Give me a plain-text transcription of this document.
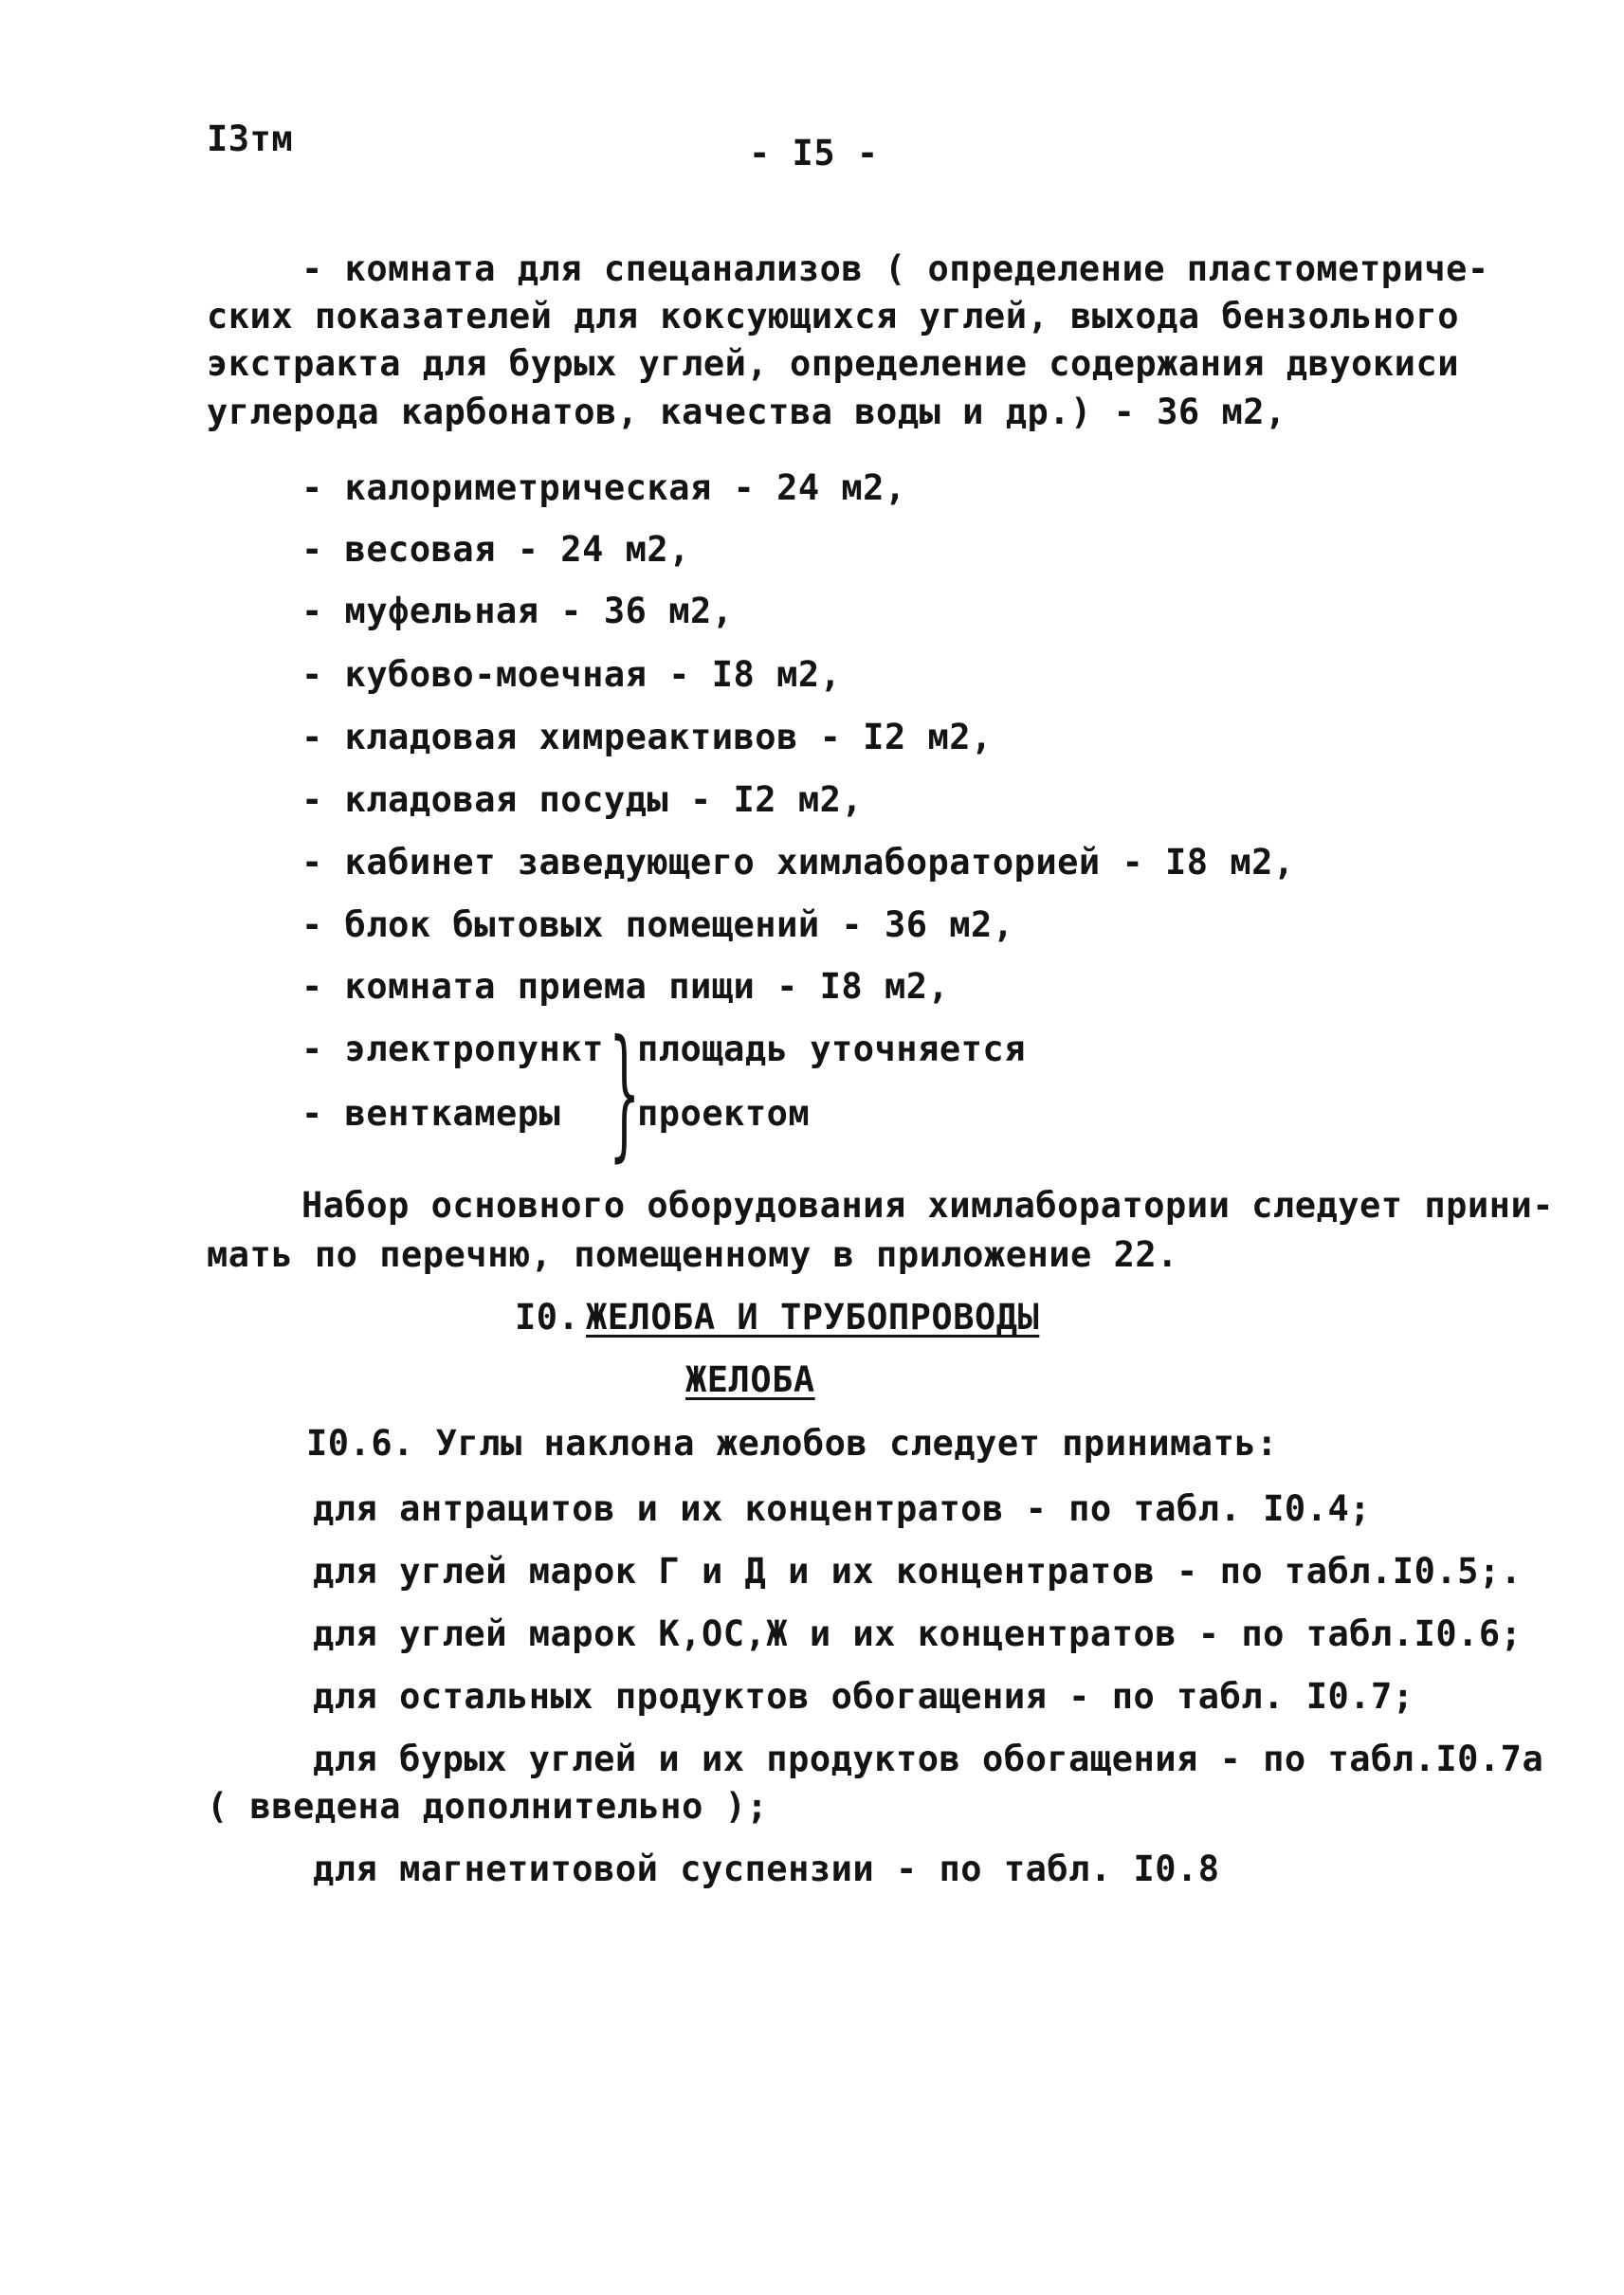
I3тм	- I5 -
- комната для спецанализов ( определение пластометриче-
ских показателей для коксующихся углей, выхода бензольного
экстракта для бурых углей, определение содержания двуокиси
углерода карбонатов, качества воды и др.) - 36 м2,
- калориметрическая - 24 м2,
- весовая - 24 м2,
- муфельная - 36 м2,
- кубово-моечная - I8 м2,
- кладовая химреактивов - I2 м2,
- кладовая посуды - I2 м2,
- кабинет заведующего химлабораторией - I8 м2,
- блок бытовых помещений - 36 м2,
- комната приема пищи - I8 м2,
- электропункт
- венткамеры }
площадь уточняется
проектом
Набор основного оборудования химлаборатории следует прини-
мать по перечню, помещенному в приложение 22.
I0. ЖЕЛОБА И ТРУБОПРОВОДЫ
ЖЕЛОБА
I0.6. Углы наклона желобов следует принимать:
для антрацитов и их концентратов - по табл. I0.4;
для углей марок Г и Д и их концентратов - по табл.I0.5;.
для углей марок К,ОС,Ж и их концентратов - по табл.I0.6;
для остальных продуктов обогащения - по табл. I0.7;
для бурых углей и их продуктов обогащения - по табл.I0.7а
( введена дополнительно );
для магнетитовой суспензии - по табл. I0.8
